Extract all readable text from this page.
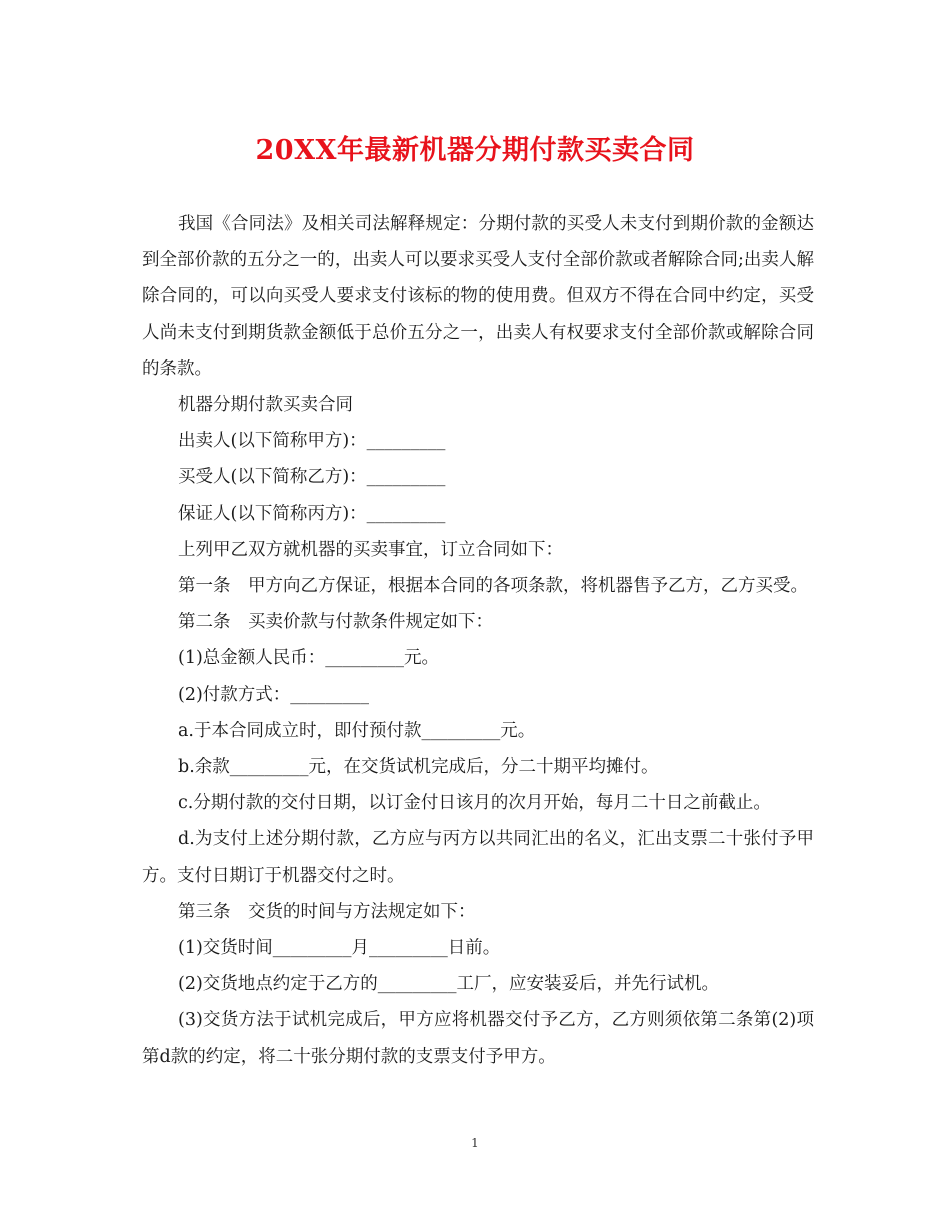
20XX年最新机器分期付款买卖合同

我国《合同法》及相关司法解释规定：分期付款的买受人未支付到期价款的金额达到全部价款的五分之一的，出卖人可以要求买受人支付全部价款或者解除合同;出卖人解除合同的，可以向买受人要求支付该标的物的使用费。但双方不得在合同中约定，买受人尚未支付到期货款金额低于总价五分之一，出卖人有权要求支付全部价款或解除合同的条款。

机器分期付款买卖合同

出卖人(以下简称甲方)：_________

买受人(以下简称乙方)：_________

保证人(以下简称丙方)：_________

上列甲乙双方就机器的买卖事宜，订立合同如下：

第一条　甲方向乙方保证，根据本合同的各项条款，将机器售予乙方，乙方买受。

第二条　买卖价款与付款条件规定如下：

(1)总金额人民币：_________元。

(2)付款方式：_________

a.于本合同成立时，即付预付款_________元。

b.余款_________元，在交货试机完成后，分二十期平均摊付。

c.分期付款的交付日期，以订金付日该月的次月开始，每月二十日之前截止。

d.为支付上述分期付款，乙方应与丙方以共同汇出的名义，汇出支票二十张付予甲方。支付日期订于机器交付之时。

第三条　交货的时间与方法规定如下：

(1)交货时间_________月_________日前。

(2)交货地点约定于乙方的_________工厂，应安装妥后，并先行试机。

(3)交货方法于试机完成后，甲方应将机器交付予乙方，乙方则须依第二条第(2)项第d款的约定，将二十张分期付款的支票支付予甲方。

1
